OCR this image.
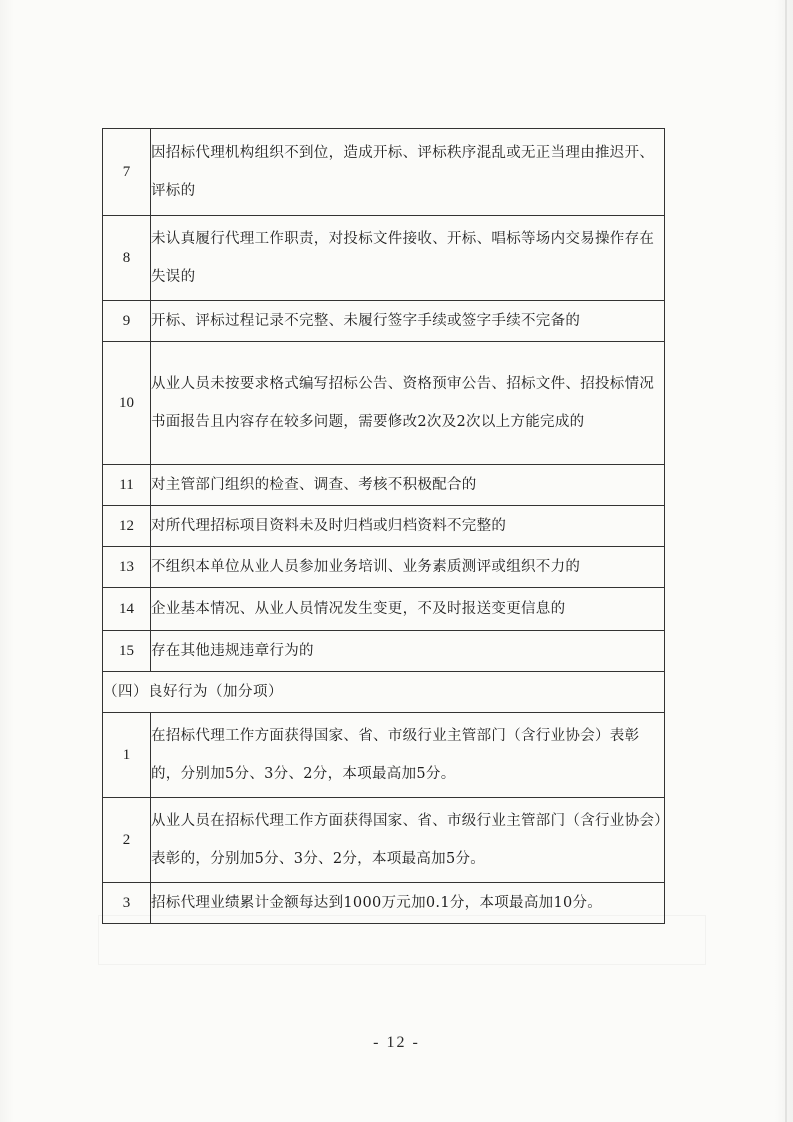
7	因招标代理机构组织不到位，造成开标、评标秩序混乱或无正当理由推迟开、评标的
8	未认真履行代理工作职责，对投标文件接收、开标、唱标等场内交易操作存在失误的
9	开标、评标过程记录不完整、未履行签字手续或签字手续不完备的
10	从业人员未按要求格式编写招标公告、资格预审公告、招标文件、招投标情况书面报告且内容存在较多问题，需要修改2次及2次以上方能完成的
11	对主管部门组织的检查、调查、考核不积极配合的
12	对所代理招标项目资料未及时归档或归档资料不完整的
13	不组织本单位从业人员参加业务培训、业务素质测评或组织不力的
14	企业基本情况、从业人员情况发生变更，不及时报送变更信息的
15	存在其他违规违章行为的
（四）良好行为（加分项）	
1	在招标代理工作方面获得国家、省、市级行业主管部门（含行业协会）表彰的，分别加5分、3分、2分，本项最高加5分。
2	从业人员在招标代理工作方面获得国家、省、市级行业主管部门（含行业协会）表彰的，分别加5分、3分、2分，本项最高加5分。
3	招标代理业绩累计金额每达到1000万元加0.1分，本项最高加10分。
- 12 -
